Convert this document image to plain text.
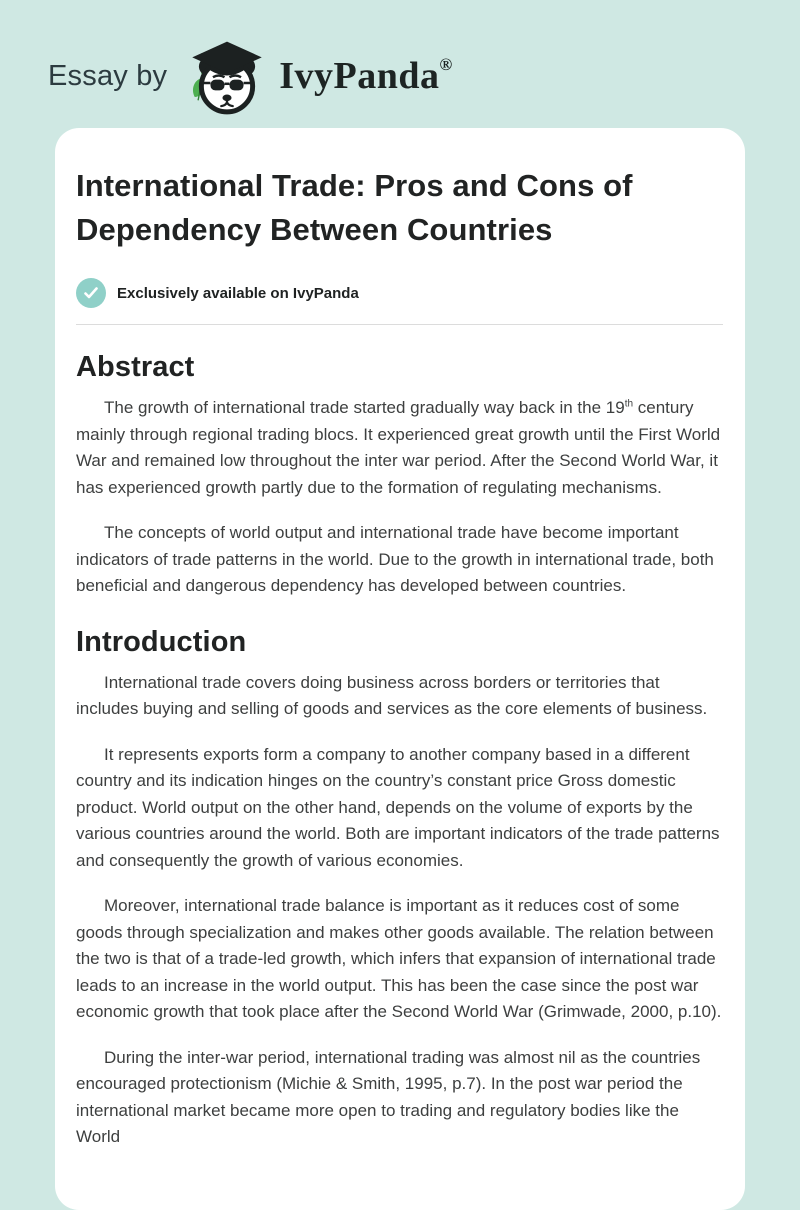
Essay by	IvyPanda®
International Trade: Pros and Cons of Dependency Between Countries
Exclusively available on IvyPanda
Abstract

The growth of international trade started gradually way back in the 19th century mainly through regional trading blocs. It experienced great growth until the First World War and remained low throughout the inter war period. After the Second World War, it has experienced growth partly due to the formation of regulating mechanisms.

The concepts of world output and international trade have become important indicators of trade patterns in the world. Due to the growth in international trade, both beneficial and dangerous dependency has developed between countries.

Introduction

International trade covers doing business across borders or territories that includes buying and selling of goods and services as the core elements of business.

It represents exports form a company to another company based in a different country and its indication hinges on the country’s constant price Gross domestic product. World output on the other hand, depends on the volume of exports by the various countries around the world. Both are important indicators of the trade patterns and consequently the growth of various economies.

Moreover, international trade balance is important as it reduces cost of some goods through specialization and makes other goods available. The relation between the two is that of a trade-led growth, which infers that expansion of international trade leads to an increase in the world output. This has been the case since the post war economic growth that took place after the Second World War (Grimwade, 2000, p.10).

During the inter-war period, international trading was almost nil as the countries encouraged protectionism (Michie & Smith, 1995, p.7). In the post war period the international market became more open to trading and regulatory bodies like the World
